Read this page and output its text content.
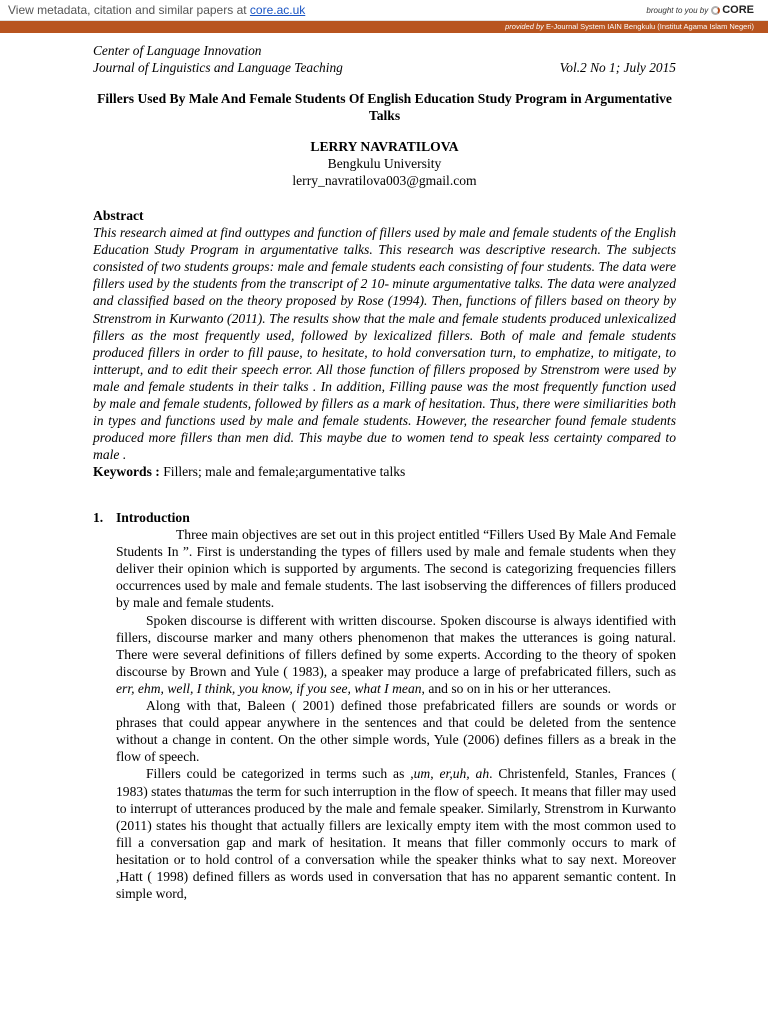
View metadata, citation and similar papers at core.ac.uk	brought to you by CORE
provided by E-Journal System IAIN Bengkulu (Institut Agama Islam Negeri)
Center of Language Innovation
Journal of Linguistics and Language Teaching	Vol.2 No 1; July 2015
Fillers Used By Male And Female Students Of English Education Study Program in Argumentative Talks
LERRY NAVRATILOVA
Bengkulu University
lerry_navratilova003@gmail.com
Abstract
This research aimed at find outtypes and function of fillers used by male and female students of the English Education Study Program in argumentative talks. This research was descriptive research. The subjects consisted of two students groups: male and female students each consisting of four students. The data were fillers used by the students from the transcript of 2 10- minute argumentative talks. The data were analyzed and classified based on the theory proposed by Rose (1994). Then, functions of fillers based on theory by Strenstrom in Kurwanto (2011). The results show that the male and female students produced unlexicalized fillers as the most frequently used, followed by lexicalized fillers. Both of male and female students produced fillers in order to fill pause, to hesitate, to hold conversation turn, to emphatize, to mitigate, to intterupt, and to edit their speech error. All those function of fillers proposed by Strenstrom were used by male and female students in their talks . In addition, Filling pause was the most frequently function used by male and female students, followed by fillers as a mark of hesitation. Thus, there were similiarities both in types and functions used by male and female students. However, the researcher found female students produced more fillers than men did. This maybe due to women tend to speak less certainty compared to male .
Keywords : Fillers; male and female;argumentative talks
1. Introduction

Three main objectives are set out in this project entitled “Fillers Used By Male And Female Students In ”. First is understanding the types of fillers used by male and female students when they deliver their opinion which is supported by arguments. The second is categorizing frequencies fillers occurrences used by male and female students. The last isobserving the differences of fillers produced by male and female students.

Spoken discourse is different with written discourse. Spoken discourse is always identified with fillers, discourse marker and many others phenomenon that makes the utterances is going natural. There were several definitions of fillers defined by some experts. According to the theory of spoken discourse by Brown and Yule ( 1983), a speaker may produce a large of prefabricated fillers, such as err, ehm, well, I think, you know, if you see, what I mean, and so on in his or her utterances.

Along with that, Baleen ( 2001) defined those prefabricated fillers are sounds or words or phrases that could appear anywhere in the sentences and that could be deleted from the sentence without a change in content. On the other simple words, Yule (2006) defines fillers as a break in the flow of speech.

Fillers could be categorized in terms such as ,um, er,uh, ah. Christenfeld, Stanles, Frances ( 1983) states thatumas the term for such interruption in the flow of speech. It means that filler may used to interrupt of utterances produced by the male and female speaker. Similarly, Strenstrom in Kurwanto (2011) states his thought that actually fillers are lexically empty item with the most common used to fill a conversation gap and mark of hesitation. It means that filler commonly occurs to mark of hesitation or to hold control of a conversation while the speaker thinks what to say next. Moreover ,Hatt ( 1998) defined fillers as words used in conversation that has no apparent semantic content. In simple word,
